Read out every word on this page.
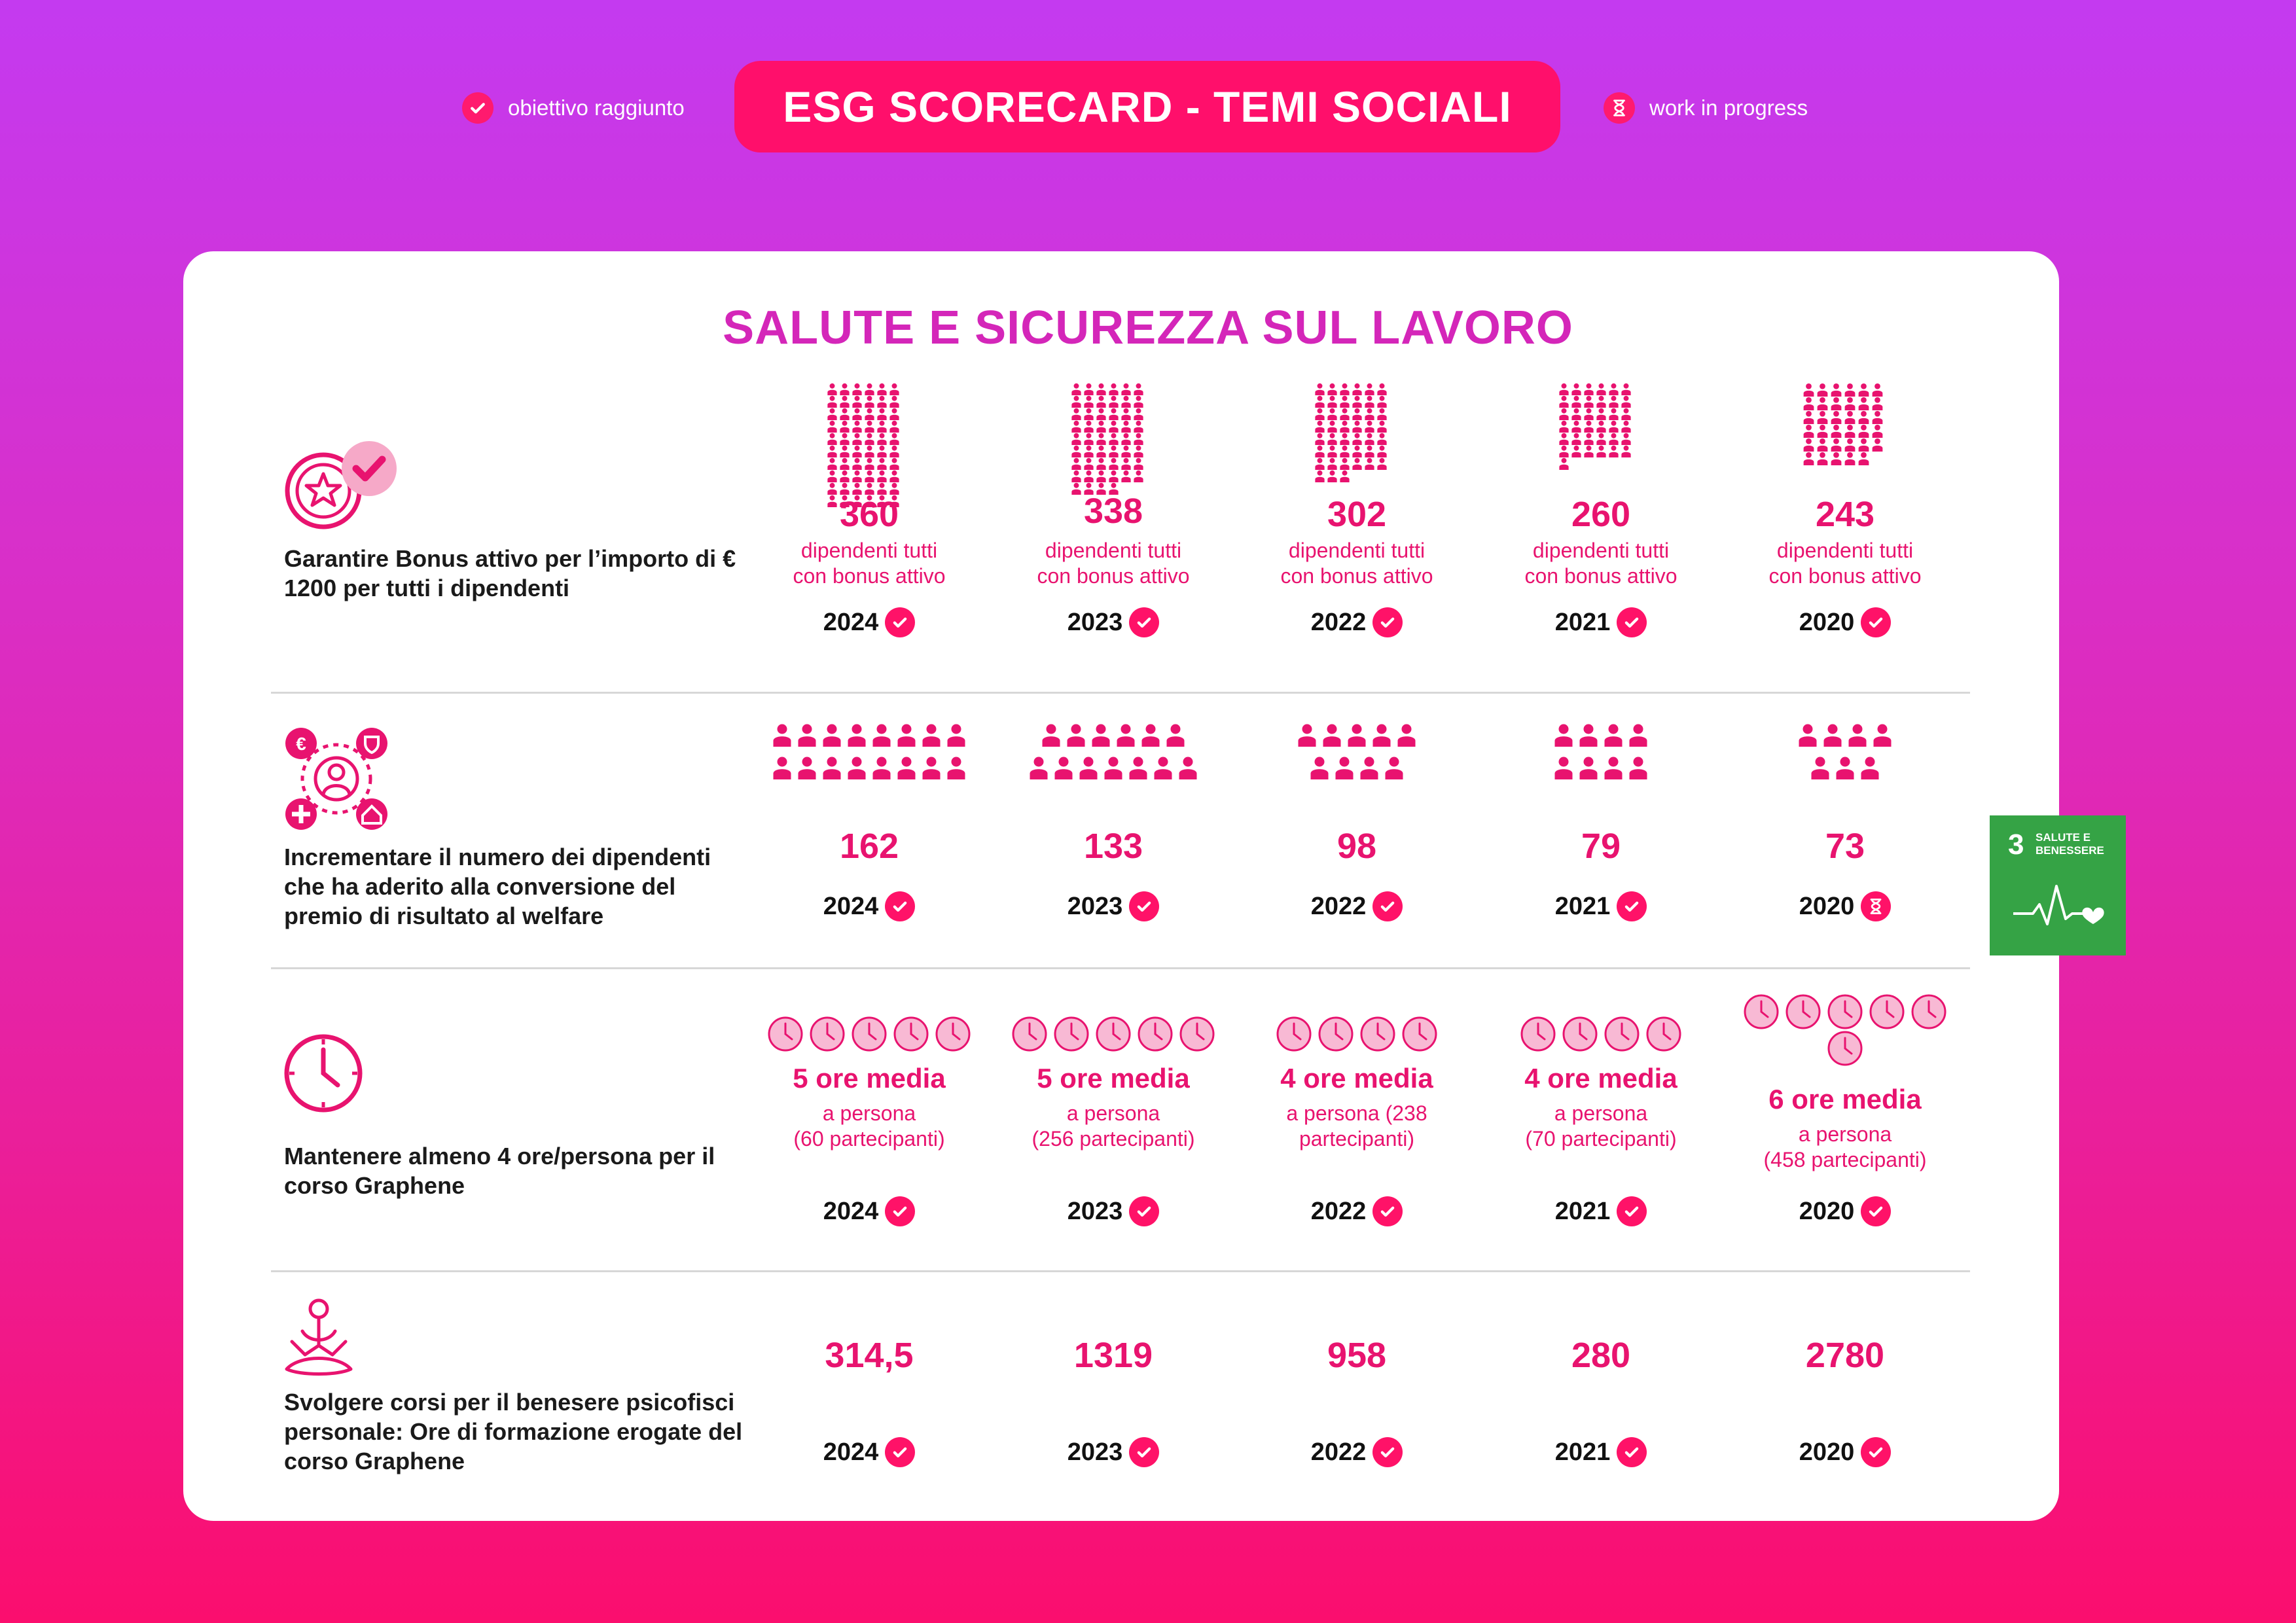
obiettivo raggiunto	ESG SCORECARD - TEMI SOCIALI	work in progress
SALUTE E SICUREZZA SUL LAVORO
€
Garantire Bonus attivo per l’importo di € 1200 per tutti i dipendenti
Incrementare il numero dei dipendenti che ha aderito alla conversione del premio di risultato al welfare
Mantenere almeno 4 ore/persona per il corso Graphene
Svolgere corsi per il benesere psicofisci personale: Ore di formazione erogate del corso Graphene
3 SALUTE E BENESSERE
360
dipendenti tutti
con bonus attivo
2024
338
dipendenti tutti
con bonus attivo
2023
302
dipendenti tutti
con bonus attivo
2022
260
dipendenti tutti
con bonus attivo
2021
243
dipendenti tutti
con bonus attivo
2020
162
2024
133
2023
98
2022
79
2021
73
2020
5 ore media
a persona
(60 partecipanti)
2024
5 ore media
a persona
(256 partecipanti)
2023
4 ore media
a persona (238
partecipanti)
2022
4 ore media
a persona
(70 partecipanti)
2021
6 ore media
a persona
(458 partecipanti)
2020
314,5
2024
1319
2023
958
2022
280
2021
2780
2020
